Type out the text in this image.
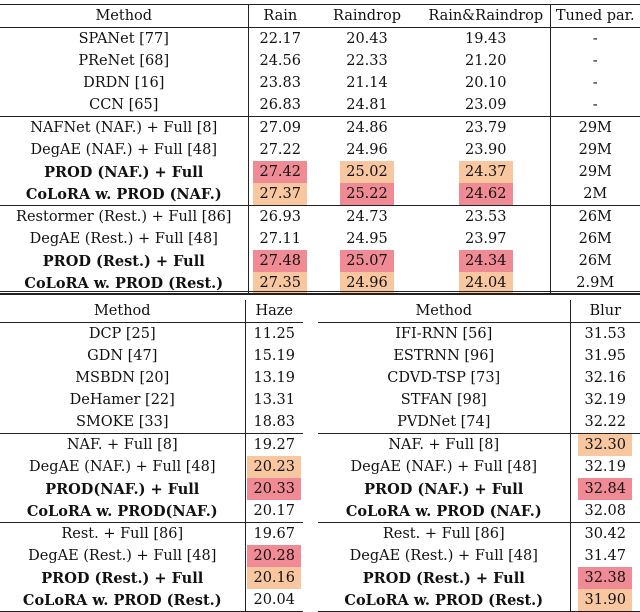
Method	Rain	Raindrop	Rain&Raindrop	Tuned par.
SPANet [77]	22.17	20.43	19.43	-
PReNet [68]	24.56	22.33	21.20	-
DRDN [16]	23.83	21.14	20.10	-
CCN [65]	26.83	24.81	23.09	-
NAFNet (NAF.) + Full [8]	27.09	24.86	23.79	29M
DegAE (NAF.) + Full [48]	27.22	24.96	23.90	29M
PROD (NAF.) + Full	27.42	25.02	24.37	29M
CoLoRA w. PROD (NAF.)	27.37	25.22	24.62	2M
Restormer (Rest.) + Full [86]	26.93	24.73	23.53	26M
DegAE (Rest.) + Full [48]	27.11	24.95	23.97	26M
PROD (Rest.) + Full	27.48	25.07	24.34	26M
CoLoRA w. PROD (Rest.)	27.35	24.96	24.04	2.9M
Method	Haze
DCP [25]	11.25
GDN [47]	15.19
MSBDN [20]	13.19
DeHamer [22]	13.31
SMOKE [33]	18.83
NAF. + Full [8]	19.27
DegAE (NAF.) + Full [48]	20.23
PROD(NAF.) + Full	20.33
CoLoRA w. PROD(NAF.)	20.17
Rest. + Full [86]	19.67
DegAE (Rest.) + Full [48]	20.28
PROD (Rest.) + Full	20.16
CoLoRA w. PROD (Rest.)	20.04
Method	Blur
IFI-RNN [56]	31.53
ESTRNN [96]	31.95
CDVD-TSP [73]	32.16
STFAN [98]	32.19
PVDNet [74]	32.22
NAF. + Full [8]	32.30
DegAE (NAF.) + Full [48]	32.19
PROD (NAF.) + Full	32.84
CoLoRA w. PROD (NAF.)	32.08
Rest. + Full [86]	30.42
DegAE (Rest.) + Full [48]	31.47
PROD (Rest.) + Full	32.38
CoLoRA w. PROD (Rest.)	31.90
